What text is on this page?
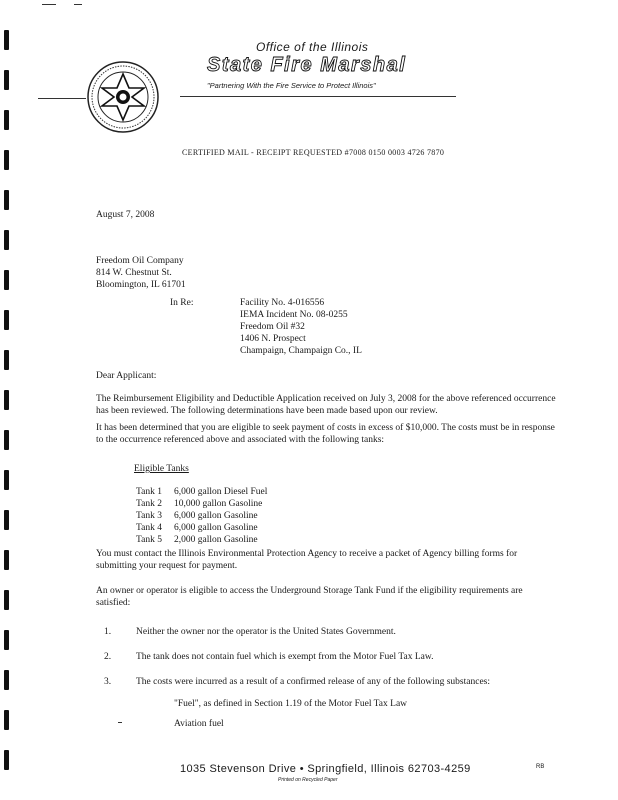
Office of the Illinois
State Fire Marshal
"Partnering With the Fire Service to Protect Illinois"
CERTIFIED MAIL - RECEIPT REQUESTED #7008 0150 0003 4726 7870
August 7, 2008
Freedom Oil Company
814 W. Chestnut St.
Bloomington, IL 61701
In Re:	Facility No. 4-016556
IEMA Incident No. 08-0255
Freedom Oil #32
1406 N. Prospect
Champaign, Champaign Co., IL
Dear Applicant:
The Reimbursement Eligibility and Deductible Application received on July 3, 2008 for the above referenced occurrence has been reviewed. The following determinations have been made based upon our review.
It has been determined that you are eligible to seek payment of costs in excess of $10,000. The costs must be in response to the occurrence referenced above and associated with the following tanks:
Eligible Tanks
Tank 1 6,000 gallon Diesel Fuel
Tank 2 10,000 gallon Gasoline
Tank 3 6,000 gallon Gasoline
Tank 4 6,000 gallon Gasoline
Tank 5 2,000 gallon Gasoline
You must contact the Illinois Environmental Protection Agency to receive a packet of Agency billing forms for submitting your request for payment.
An owner or operator is eligible to access the Underground Storage Tank Fund if the eligibility requirements are satisfied:
1.	Neither the owner nor the operator is the United States Government.
2.	The tank does not contain fuel which is exempt from the Motor Fuel Tax Law.
3.	The costs were incurred as a result of a confirmed release of any of the following substances:
"Fuel", as defined in Section 1.19 of the Motor Fuel Tax Law
Aviation fuel
1035 Stevenson Drive • Springfield, Illinois 62703-4259
Printed on Recycled Paper
RB
